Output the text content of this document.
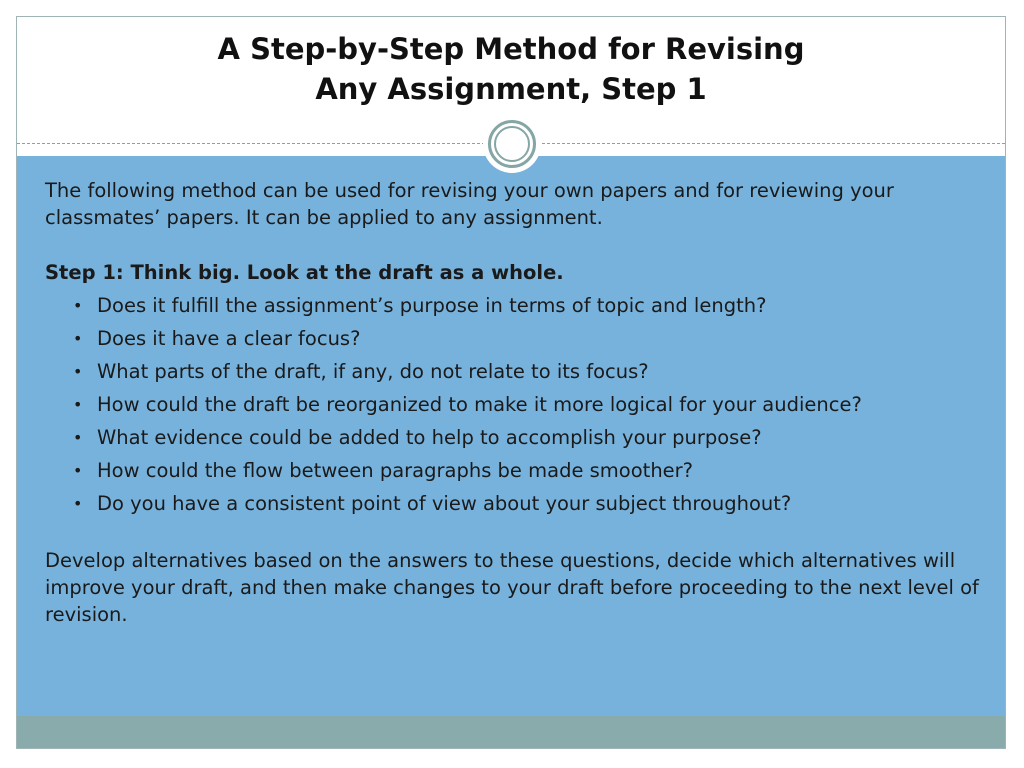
A Step-by-Step Method for Revising
Any Assignment, Step 1

The following method can be used for revising your own papers and for reviewing your classmates’ papers. It can be applied to any assignment.

Step 1: Think big. Look at the draft as a whole.

• Does it fulfill the assignment’s purpose in terms of topic and length?
• Does it have a clear focus?
• What parts of the draft, if any, do not relate to its focus?
• How could the draft be reorganized to make it more logical for your audience?
• What evidence could be added to help to accomplish your purpose?
• How could the flow between paragraphs be made smoother?
• Do you have a consistent point of view about your subject throughout?

Develop alternatives based on the answers to these questions, decide which alternatives will improve your draft, and then make changes to your draft before proceeding to the next level of revision.
